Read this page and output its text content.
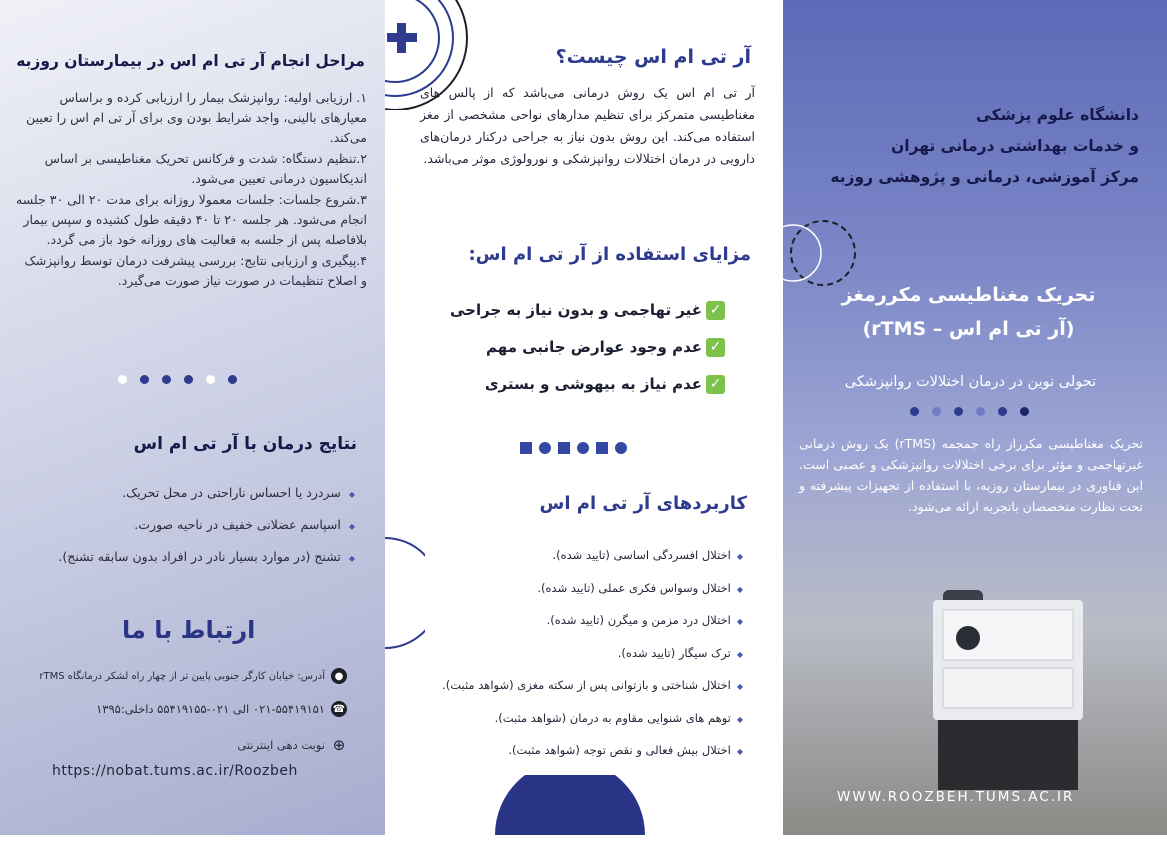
مراحل انجام آر تی ام اس در بیمارستان روزبه

۱. ارزیابی اولیه: روانپزشک بیمار را ارزیابی کرده و براساس معیارهای بالینی، واجد شرایط بودن وی برای آر تی ام اس را تعیین می‌کند.

۲.تنظیم دستگاه: شدت و فرکانس تحریک مغناطیسی بر اساس اندیکاسیون درمانی تعیین می‌شود.

۳.شروع جلسات: جلسات معمولا روزانه برای مدت ۲۰ الی ۳۰ جلسه انجام می‌شود. هر جلسه ۲۰ تا ۴۰ دقیقه طول کشیده و سپس بیمار بلافاصله پس از جلسه به فعالیت های روزانه خود باز می گردد.

۴.پیگیری و ارزیابی نتایج: بررسی پیشرفت درمان توسط روانپزشک و اصلاح تنظیمات در صورت نیاز صورت می‌گیرد.

نتایج درمان با آر تی ام اس
◆ سردرد یا احساس ناراحتی در محل تحریک.
◆ اسپاسم عضلانی خفیف در ناحیه صورت.
◆ تشنج (در موارد بسیار نادر در افراد بدون سابقه تشنج).
ارتباط با ما
●
آدرس: خیابان کارگر جنوبی پایین تر از چهار راه لشکر درمانگاه rTMS
☎
۰۲۱-۵۵۴۱۹۱۵۱ الی ۰۲۱-۵۵۴۱۹۱۵۵ داخلی:۱۳۹۵
⊕
نوبت دهی اینترنتی
https://nobat.tums.ac.ir/Roozbeh
آر تی ام اس چیست؟
آر تی ام اس یک روش درمانی می‌باشد که از پالس های مغناطیسی متمرکز برای تنظیم مدارهای نواحی مشخصی از مغز استفاده می‌کند. این روش بدون نیاز به جراحی درکنار درمان‌های دارویی در درمان اختلالات روانپزشکی و نورولوژی موثر می‌باشد.
مزایای استفاده از آر تی ام اس:
✓غیر تهاجمی و بدون نیاز به جراحی
✓عدم وجود عوارض جانبی مهم
✓عدم نیاز به بیهوشی و بستری
کاربردهای آر تی ام اس
◆ اختلال افسردگی اساسی (تایید شده).
◆ اختلال وسواس فکری عملی (تایید شده).
◆ اختلال درد مزمن و میگرن (تایید شده).
◆ ترک سیگار (تایید شده).
◆ اختلال شناختی و بازتوانی پس از سکته مغزی (شواهد مثبت).
◆ توهم های شنوایی مقاوم به درمان (شواهد مثبت).
◆ اختلال بیش فعالی و نقص توجه (شواهد مثبت).
دانشگاه علوم پزشکی
و خدمات بهداشتی درمانی تهران
مرکز آموزشی، درمانی و پژوهشی روزبه
تحریک مغناطیسی مکررمغز
(آر تی ام اس – rTMS)
تحولی نوین در درمان اختلالات روانپزشکی
تحریک مغناطیسی مکرراز راه جمجمه (rTMS) یک روش درمانی غیرتهاجمی و مؤثر برای برخی اختلالات روانپزشکی و عصبی است. این فناوری در بیمارستان روزبه، با استفاده از تجهیزات پیشرفته و تحت نظارت متخصصان باتجربه ارائه می‌شود.
WWW.ROOZBEH.TUMS.AC.IR
